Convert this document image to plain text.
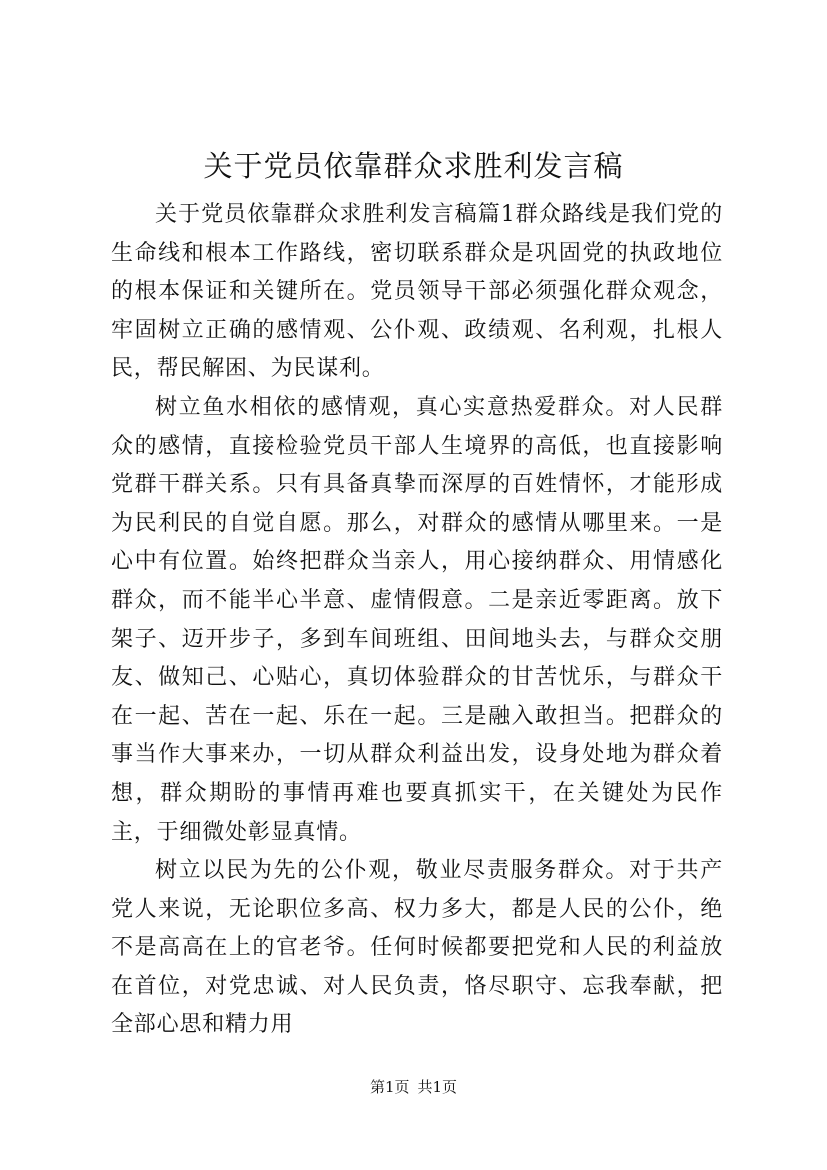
关于党员依靠群众求胜利发言稿

关于党员依靠群众求胜利发言稿篇1群众路线是我们党的生命线和根本工作路线，密切联系群众是巩固党的执政地位的根本保证和关键所在。党员领导干部必须强化群众观念，牢固树立正确的感情观、公仆观、政绩观、名利观，扎根人民，帮民解困、为民谋利。

树立鱼水相依的感情观，真心实意热爱群众。对人民群众的感情，直接检验党员干部人生境界的高低，也直接影响党群干群关系。只有具备真挚而深厚的百姓情怀，才能形成为民利民的自觉自愿。那么，对群众的感情从哪里来。一是心中有位置。始终把群众当亲人，用心接纳群众、用情感化群众，而不能半心半意、虚情假意。二是亲近零距离。放下架子、迈开步子，多到车间班组、田间地头去，与群众交朋友、做知己、心贴心，真切体验群众的甘苦忧乐，与群众干在一起、苦在一起、乐在一起。三是融入敢担当。把群众的事当作大事来办，一切从群众利益出发，设身处地为群众着想，群众期盼的事情再难也要真抓实干，在关键处为民作主，于细微处彰显真情。

树立以民为先的公仆观，敬业尽责服务群众。对于共产党人来说，无论职位多高、权力多大，都是人民的公仆，绝不是高高在上的官老爷。任何时候都要把党和人民的利益放在首位，对党忠诚、对人民负责，恪尽职守、忘我奉献，把全部心思和精力用

第1页 共1页
